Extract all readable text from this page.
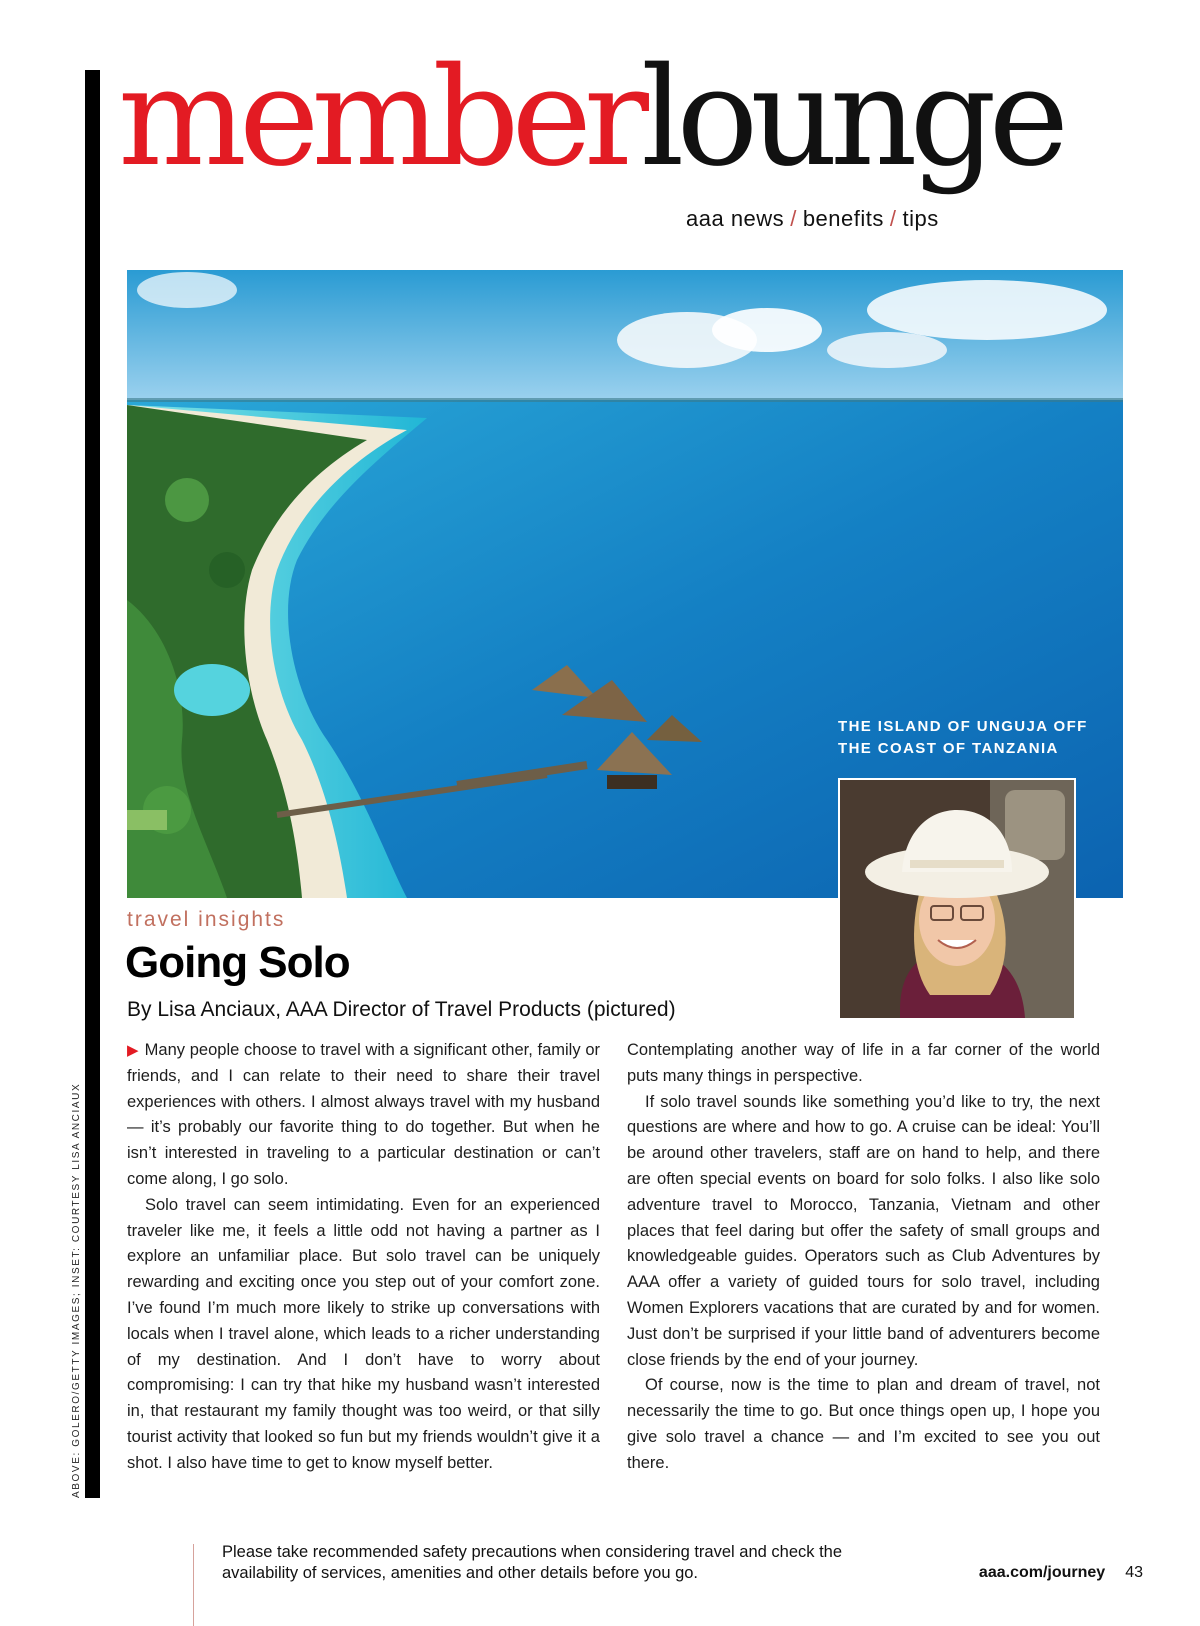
ABOVE: GOLERO/GETTY IMAGES; INSET: COURTESY LISA ANCIAUX
memberlounge
aaa news / benefits / tips
THE ISLAND OF UNGUJA OFF
THE COAST OF TANZANIA
travel insights
Going Solo
By Lisa Anciaux, AAA Director of Travel Products (pictured)

▶ Many people choose to travel with a significant other, family or friends, and I can relate to their need to share their travel experiences with others. I almost always travel with my husband — it’s probably our favorite thing to do together. But when he isn’t interested in traveling to a particular destination or can’t come along, I go solo.

Solo travel can seem intimidating. Even for an experienced traveler like me, it feels a little odd not having a partner as I explore an unfamiliar place. But solo travel can be uniquely rewarding and exciting once you step out of your comfort zone. I’ve found I’m much more likely to strike up conversations with locals when I travel alone, which leads to a richer understanding of my destination. And I don’t have to worry about compromising: I can try that hike my husband wasn’t interested in, that restaurant my family thought was too weird, or that silly tourist activity that looked so fun but my friends wouldn’t give it a shot. I also have time to get to know myself better.

Contemplating another way of life in a far corner of the world puts many things in perspective.

If solo travel sounds like something you’d like to try, the next questions are where and how to go. A cruise can be ideal: You’ll be around other travelers, staff are on hand to help, and there are often special events on board for solo folks. I also like solo adventure travel to Morocco, Tanzania, Vietnam and other places that feel daring but offer the safety of small groups and knowledgeable guides. Operators such as Club Adventures by AAA offer a variety of guided tours for solo travel, including Women Explorers vacations that are curated by and for women. Just don’t be surprised if your little band of adventurers become close friends by the end of your journey.

Of course, now is the time to plan and dream of travel, not necessarily the time to go. But once things open up, I hope you give solo travel a chance — and I’m excited to see you out there.

Please take recommended safety precautions when considering travel and check the availability of services, amenities and other details before you go.	aaa.com/journey 43
